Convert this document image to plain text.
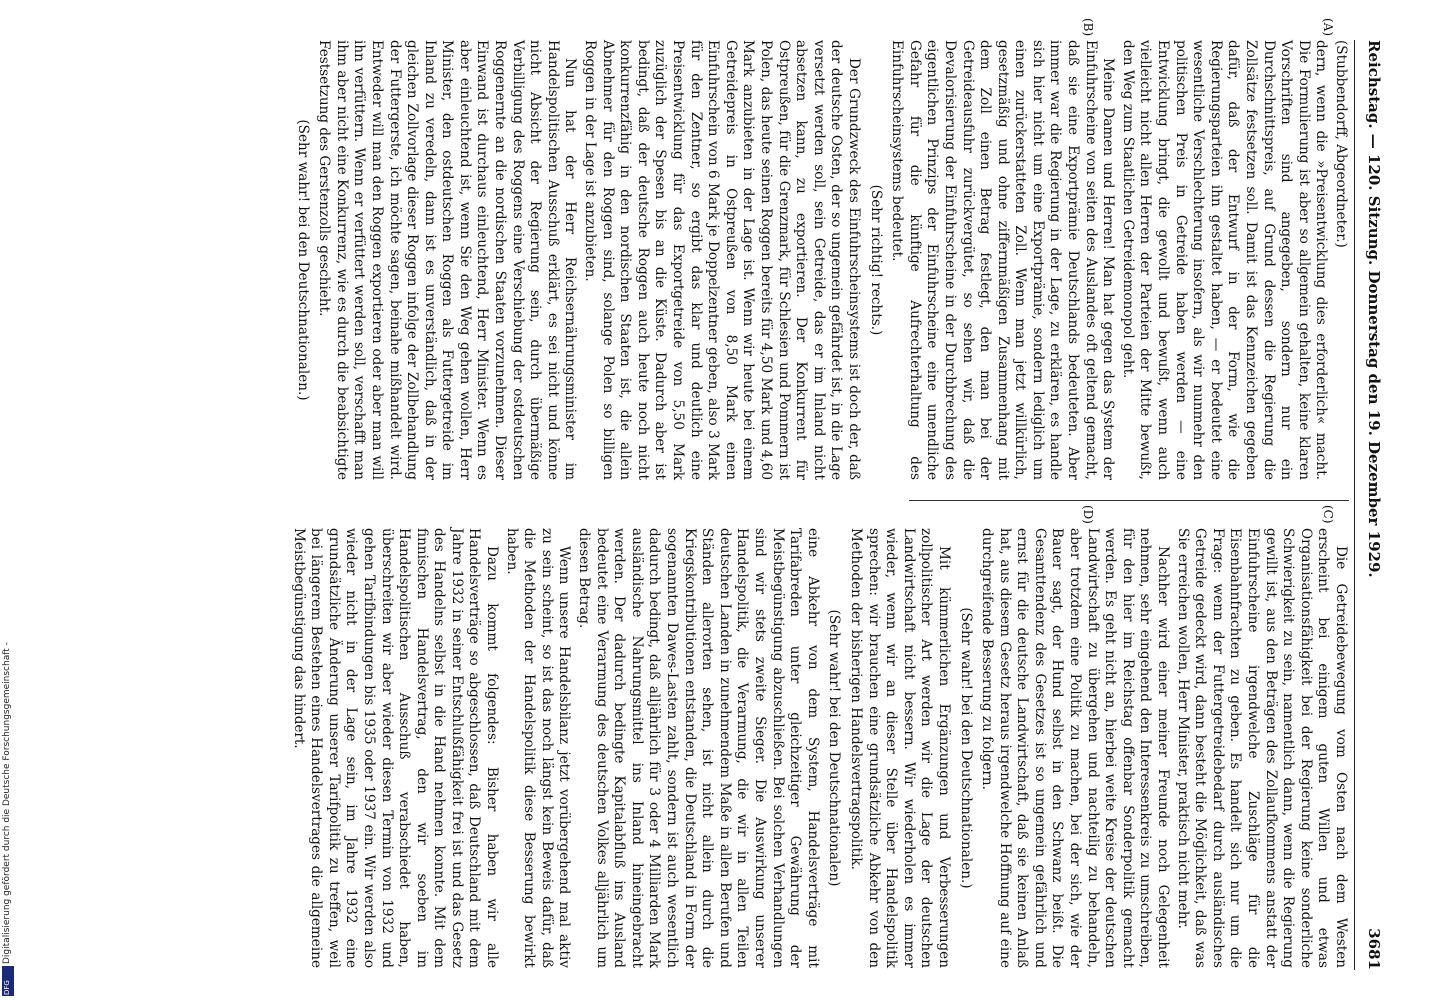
Reichstag. — 120. Sitzung. Donnerstag den 19. Dezember 1929.
3681
(A)
(B)
(C)
(D)

(Stubbendorff, Abgeordneter.)

dern, wenn die »Preisentwicklung dies erforderlich« macht. Die Formulierung ist aber so allgemein gehalten, keine klaren Vorschriften sind angegeben, sondern nur ein Durchschnittspreis, auf Grund dessen die Regierung die Zollsätze festsetzen soll. Damit ist das Kennzeichen gegeben dafür, daß der Entwurf in der Form, wie die Regierungsparteien ihn gestaltet haben, — er bedeutet eine wesentliche Verschlechterung insofern, als wir nunmehr den politischen Preis in Getreide haben werden — eine Entwicklung bringt, die gewollt und bewußt, wenn auch vielleicht nicht allen Herren der Parteien der Mitte bewußt, den Weg zum Staatlichen Getreidemonopol geht.

Meine Damen und Herren! Man hat gegen das System der Einfuhrscheine von seiten des Auslandes oft geltend gemacht, daß sie eine Exportprämie Deutschlands bedeuteten. Aber immer war die Regierung in der Lage, zu erklären, es handle sich hier nicht um eine Exportprämie, sondern lediglich um einen zurückerstatteten Zoll. Wenn man jetzt willkürlich, gesetzmäßig und ohne ziffernmäßigen Zusammenhang mit dem Zoll einen Betrag festlegt, den man bei der Getreideausfuhr zurückvergütet, so sehen wir, daß die Devalorisierung der Einfuhrscheine in der Durchbrechung des eigentlichen Prinzips der Einfuhrscheine eine unendliche Gefahr für die künftige Aufrechterhaltung des Einfuhrscheinsystems bedeutet.

(Sehr richtig! rechts.)

Der Grundzweck des Einfuhrscheinsystems ist doch der, daß der deutsche Osten, der so ungemein gefährdet ist, in die Lage versetzt werden soll, sein Getreide, das er im Inland nicht absetzen kann, zu exportieren. Der Konkurrent für Ostpreußen, für die Grenzmark, für Schlesien und Pommern ist Polen, das heute seinen Roggen bereits für 4,50 Mark und 4,60 Mark anzubieten in der Lage ist. Wenn wir heute bei einem Getreidepreis in Ostpreußen von 8,50 Mark einen Einfuhrschein von 6 Mark je Doppelzentner geben, also 3 Mark für den Zentner, so ergibt das klar und deutlich eine Preisentwicklung für das Exportgetreide von 5,50 Mark zuzüglich der Spesen bis an die Küste. Dadurch aber ist bedingt, daß der deutsche Roggen auch heute noch nicht konkurrenzfähig in den nordischen Staaten ist, die allein Abnehmer für den Roggen sind, solange Polen so billigen Roggen in der Lage ist anzubieten.

Nun hat der Herr Reichsernährungsminister im Handelspolitischen Ausschuß erklärt, es sei nicht und könne nicht Absicht der Regierung sein, durch übermäßige Verbilligung des Roggens eine Verschiebung der ostdeutschen Roggenernte an die nordischen Staaten vorzunehmen. Dieser Einwand ist durchaus einleuchtend, Herr Minister. Wenn es aber einleuchtend ist, wenn Sie den Weg gehen wollen, Herr Minister, den ostdeutschen Roggen als Futtergetreide im Inland zu veredeln, dann ist es unverständlich, daß in der gleichen Zollvorlage dieser Roggen infolge der Zollbehandlung der Futtergerste, ich möchte sagen, beinahe mißhandelt wird. Entweder will man den Roggen exportieren oder aber man will ihn verfüttern. Wenn er verfüttert werden soll, verschafft man ihm aber nicht eine Konkurrenz, wie es durch die beabsichtigte Festsetzung des Gerstenzolls geschieht.

(Sehr wahr! bei den Deutschnationalen.)

Die Getreidebewegung vom Osten nach dem Westen erscheint bei einigem guten Willen und etwas Organisationsfähigkeit bei der Regierung keine sonderliche Schwierigkeit zu sein, namentlich dann, wenn die Regierung gewillt ist, aus den Beträgen des Zollaufkommens anstatt der Einfuhrscheine irgendwelche Zuschläge für die Eisenbahnfrachten zu geben. Es handelt sich nur um die Frage: wenn der Futtergetreidebedarf durch ausländisches Getreide gedeckt wird, dann besteht die Möglichkeit, daß was Sie erreichen wollen, Herr Minister, praktisch nicht mehr.

Nachher wird einer meiner Freunde noch Gelegenheit nehmen, sehr eingehend den Interessenkreis zu umschreiben, für den hier im Reichstag offenbar Sonderpolitik gemacht werden. Es geht nicht an, hierbei weite Kreise der deutschen Landwirtschaft zu übergehen und nachteilig zu behandeln, aber trotzdem eine Politik zu machen, bei der sich, wie der Bauer sagt, der Hund selbst in den Schwanz beißt. Die Gesamttendenz des Gesetzes ist so ungemein gefährlich und ernst für die deutsche Landwirtschaft, daß sie keinen Anlaß hat, aus diesem Gesetz heraus irgendwelche Hoffnung auf eine durchgreifende Besserung zu folgern.

(Sehr wahr! bei den Deutschnationalen.)

Mit kümmerlichen Ergänzungen und Verbesserungen zollpolitischer Art werden wir die Lage der deutschen Landwirtschaft nicht bessern. Wir wiederholen es immer wieder, wenn wir an dieser Stelle über Handelspolitik sprechen: wir brauchen eine grundsätzliche Abkehr von den Methoden der bisherigen Handelsvertragspolitik.

(Sehr wahr! bei den Deutschnationalen)

eine Abkehr von dem System, Handelsverträge mit Tarifabreden unter gleichzeitiger Gewährung der Meistbegünstigung abzuschließen. Bei solchen Verhandlungen sind wir stets zweite Sieger. Die Auswirkung unserer Handelspolitik, die Verarmung, die wir in allen Teilen deutschen Landen in zunehmendem Maße in allen Berufen und Ständen allerorten sehen, ist nicht allein durch die Kriegskontributionen entstanden, die Deutschland in Form der sogenannten Dawes-Lasten zahlt, sondern ist auch wesentlich dadurch bedingt, daß alljährlich für 3 oder 4 Milliarden Mark ausländische Nahrungsmittel ins Inland hineingebracht werden. Der dadurch bedingte Kapitalabfluß ins Ausland bedeutet eine Verarmung des deutschen Volkes alljährlich um diesen Betrag.

Wenn unsere Handelsbilanz jetzt vorübergehend mal aktiv zu sein scheint, so ist das noch längst kein Beweis dafür, daß die Methoden der Handelspolitik diese Besserung bewirkt haben.

Dazu kommt folgendes: Bisher haben wir alle Handelsverträge so abgeschlossen, daß Deutschland mit dem Jahre 1932 in seiner Entschlußfähigkeit frei ist und das Gesetz des Handelns selbst in die Hand nehmen konnte. Mit dem finnischen Handelsvertrag, den wir soeben im Handelspolitischen Ausschuß verabschiedet haben, überschreiten wir aber wieder diesen Termin von 1932 und gehen Tarifbindungen bis 1935 oder 1937 ein. Wir werden also wieder nicht in der Lage sein, im Jahre 1932 eine grundsätzliche Änderung unserer Tarifpolitik zu treffen, weil bei längerem Bestehen eines Handelsvertrages die allgemeine Meistbegünstigung das hindert.

Digitalisierung gefördert durch die Deutsche Forschungsgemeinschaft -
DFG
